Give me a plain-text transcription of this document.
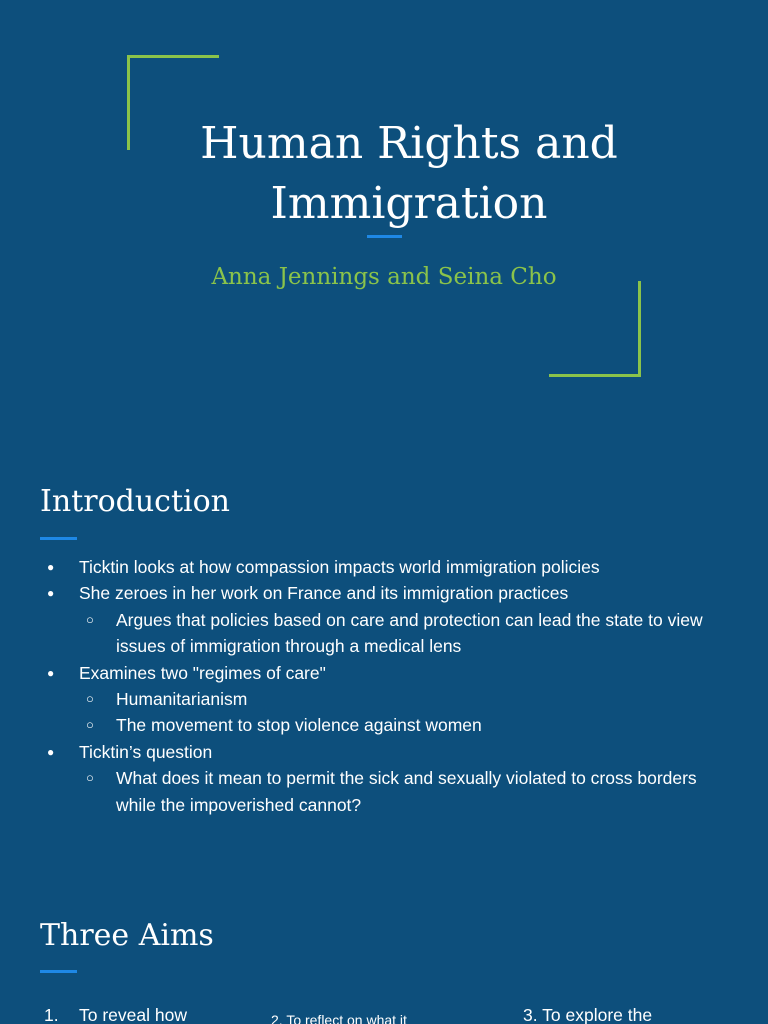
Human Rights and
Immigration
Anna Jennings and Seina Cho
Introduction
● Ticktin looks at how compassion impacts world immigration policies
● She zeroes in her work on France and its immigration practices
○ Argues that policies based on care and protection can lead the state to view issues of immigration through a medical lens
● Examines two "regimes of care"
○ Humanitarianism
○ The movement to stop violence against women
● Ticktin’s question
○ What does it mean to permit the sick and sexually violated to cross borders while the impoverished cannot?
Three Aims
1. To reveal how	2. To reflect on what it	3. To explore the
